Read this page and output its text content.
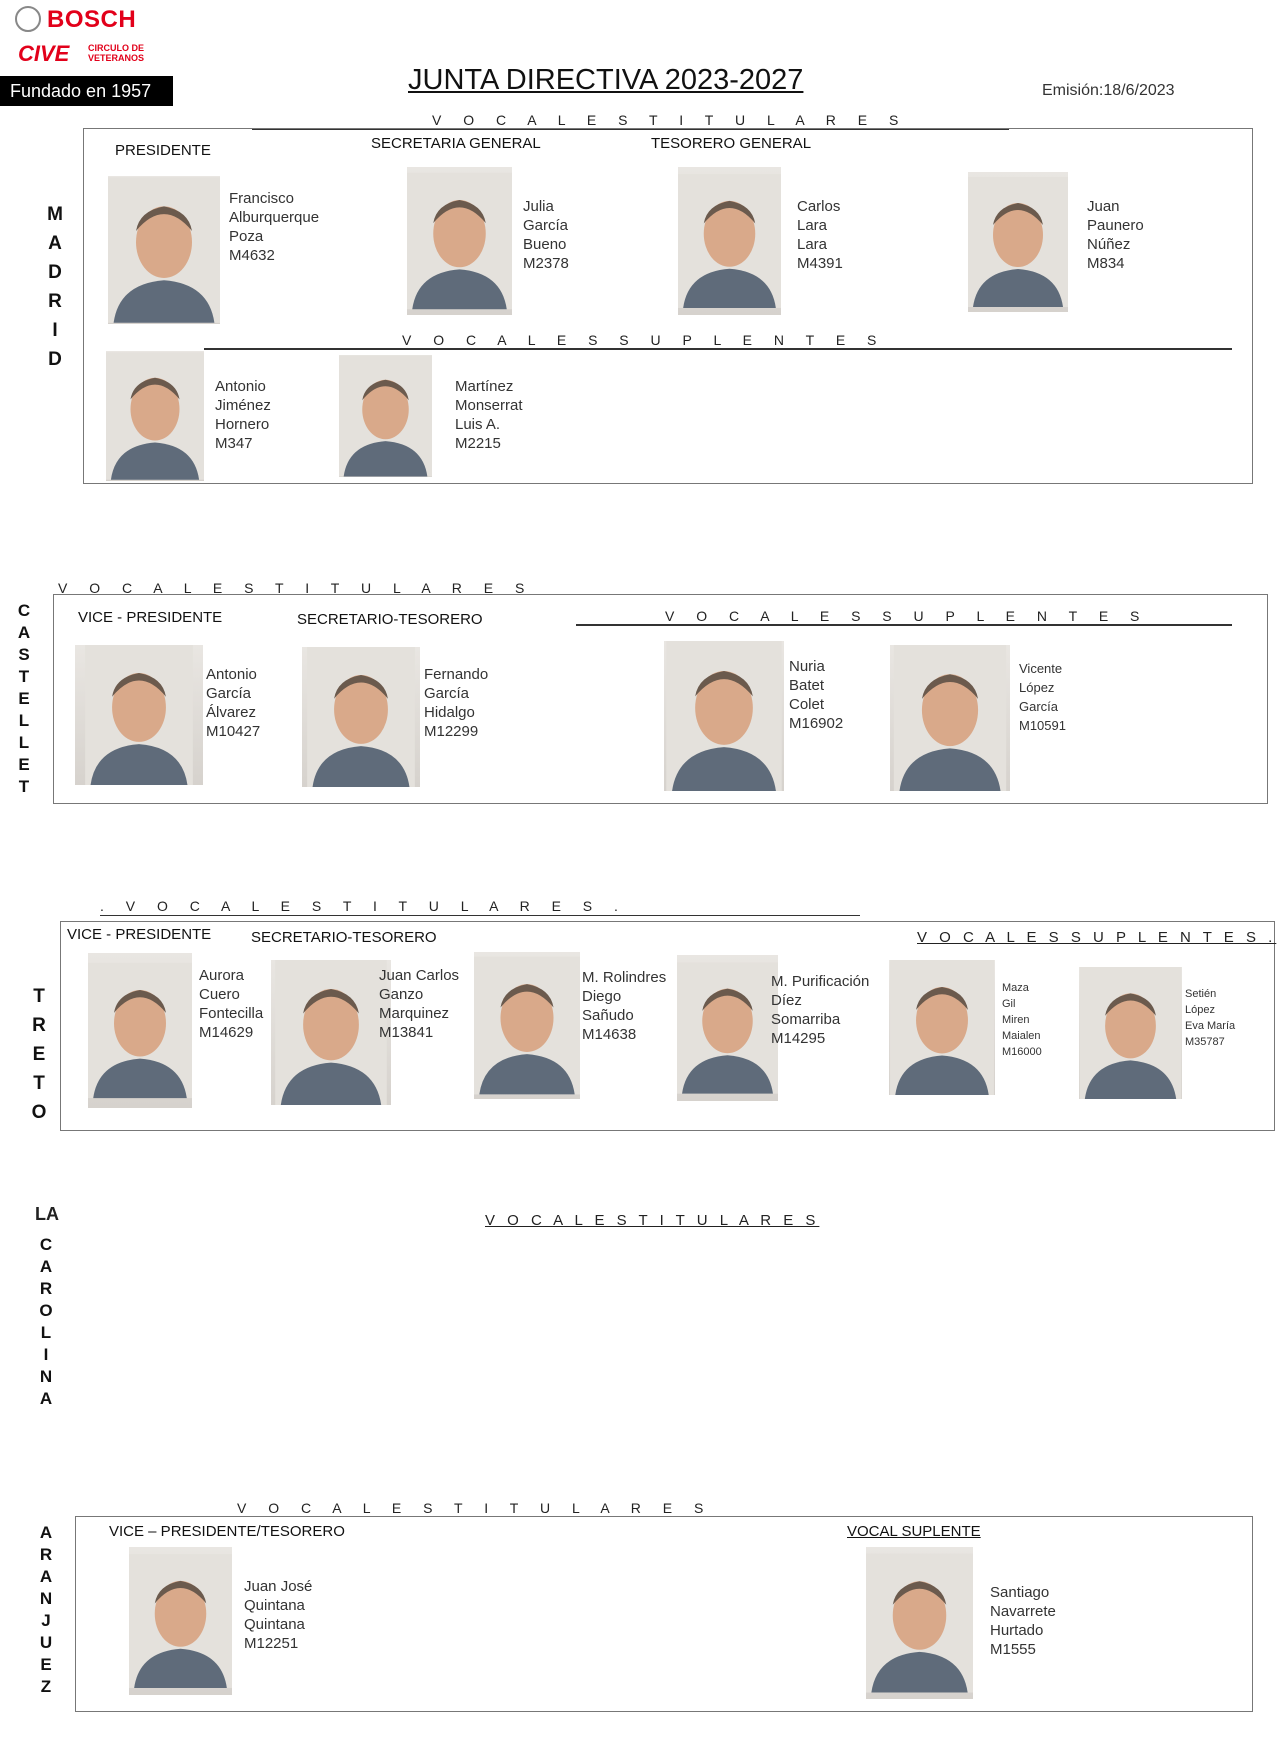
BOSCH
CIVE CIRCULO DE
VETERANOS
Fundado en 1957	JUNTA DIRECTIVA 2023-2027	Emisión:18/6/2023
V O C A L E S T I T U L A R E S
M
A
D
R
I
D
PRESIDENTE	SECRETARIA GENERAL	TESORERO GENERAL
Francisco
Alburquerque
Poza
M4632
Julia
García
Bueno
M2378
Carlos
Lara
Lara
M4391
Juan
Paunero
Núñez
M834
V O C A L E S S U P L E N T E S
Antonio
Jiménez
Hornero
M347
Martínez
Monserrat
Luis A.
M2215
V O C A L E S T I T U L A R E S
C
A
S
T
E
L
L
E
T
VICE - PRESIDENTE	SECRETARIO-TESORERO	V O C A L E S S U P L E N T E S
Antonio
García
Álvarez
M10427
Fernando
García
Hidalgo
M12299
Nuria
Batet
Colet
M16902
Vicente
López
García
M10591
. V O C A L E S T I T U L A R E S .
T
R
E
T
O
VICE - PRESIDENTE	SECRETARIO-TESORERO	V O C A L E S S U P L E N T E S .
Aurora
Cuero
Fontecilla
M14629
Juan Carlos
Ganzo
Marquinez
M13841
M. Rolindres
Diego
Sañudo
M14638
M. Purificación
Díez
Somarriba
M14295
Maza
Gil
Miren
Maialen
M16000
Setién
López
Eva María
M35787
LA
C
A
R
O
L
I
N
A
V O C A L E S T I T U L A R E S
V O C A L E S T I T U L A R E S
A
R
A
N
J
U
E
Z
VICE – PRESIDENTE/TESORERO	VOCAL SUPLENTE
Juan José
Quintana
Quintana
M12251
Santiago
Navarrete
Hurtado
M1555
